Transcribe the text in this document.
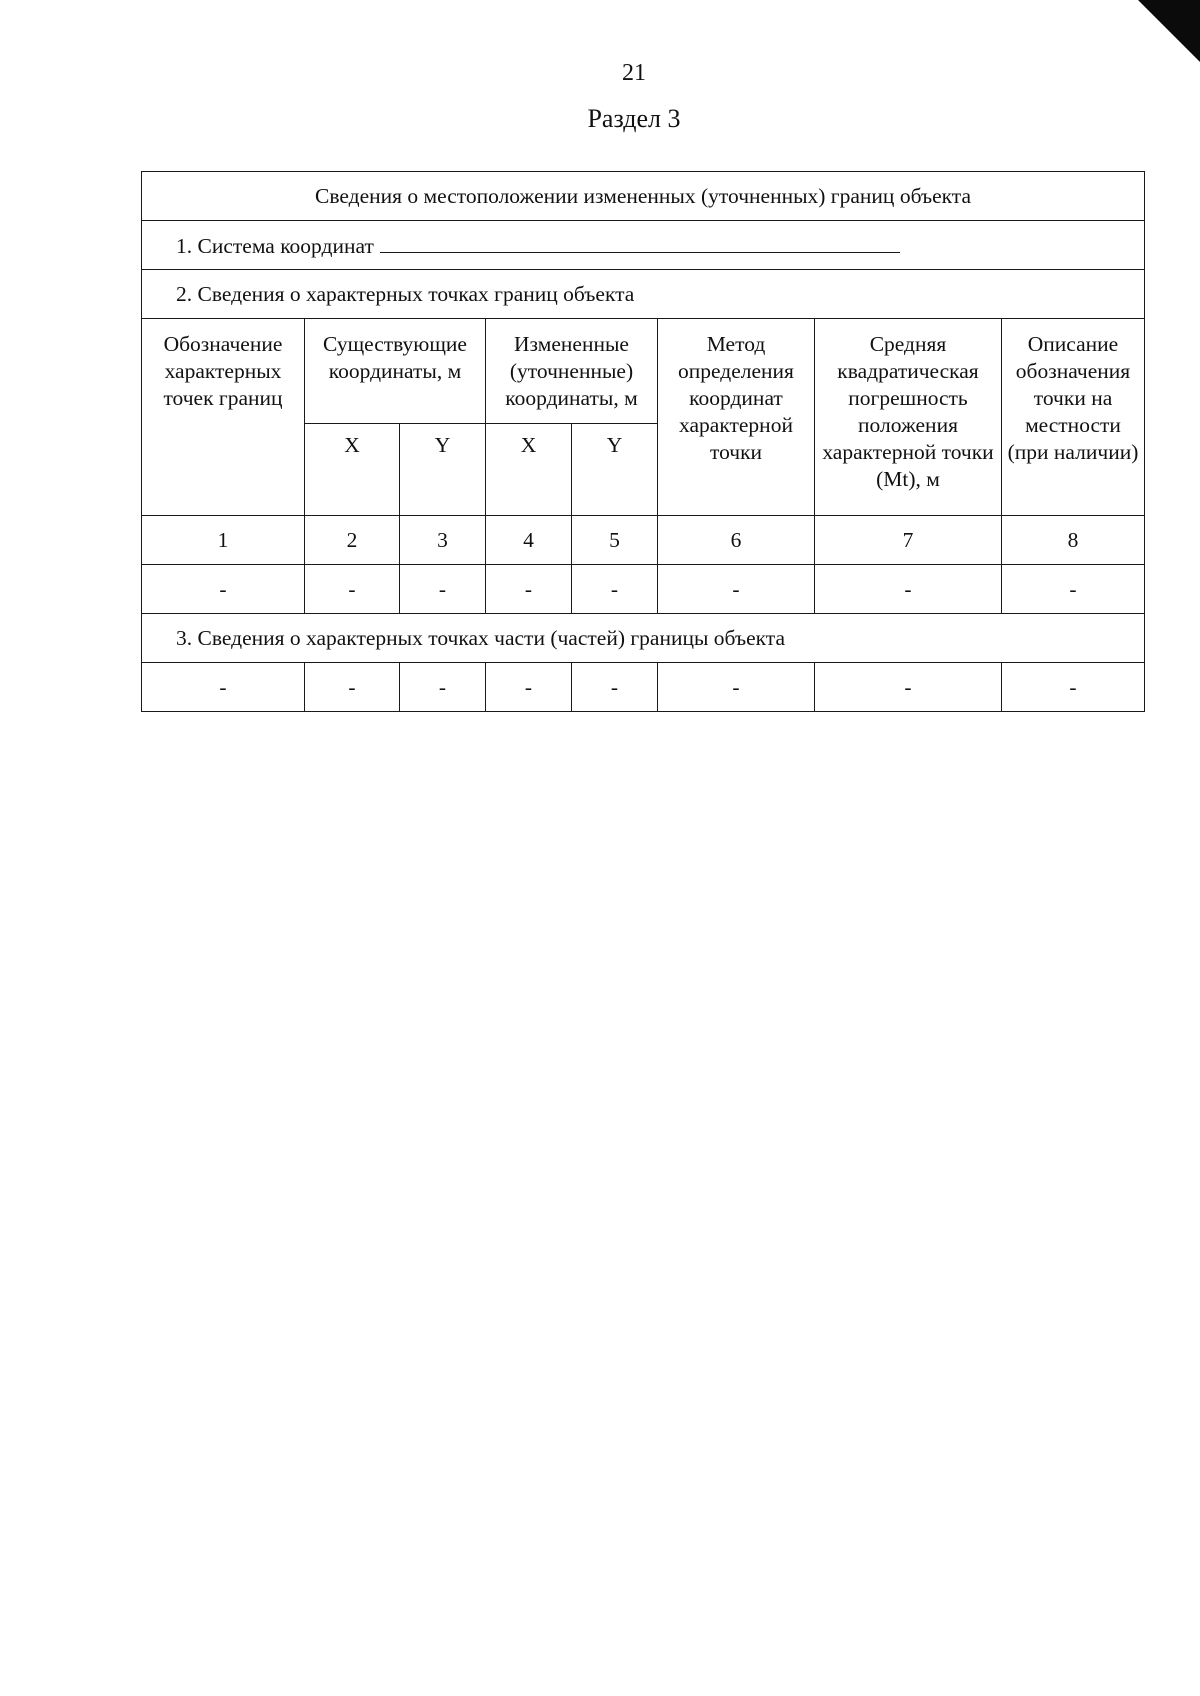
21
Раздел 3
Сведения о местоположении измененных (уточненных) границ объекта							
1. Система координат							
2. Сведения о характерных точках границ объекта							
Обозначение характерных точек границ	Существующие координаты, м		Измененные (уточненные) координаты, м		Метод определения координат характерной точки	Средняя квадратическая погрешность положения характерной точки (Mt), м	Описание обозначения точки на местности (при наличии)
	X	Y	X	Y			
1	2	3	4	5	6	7	8
-	-	-	-	-	-	-	-
3. Сведения о характерных точках части (частей) границы объекта							
-	-	-	-	-	-	-	-
